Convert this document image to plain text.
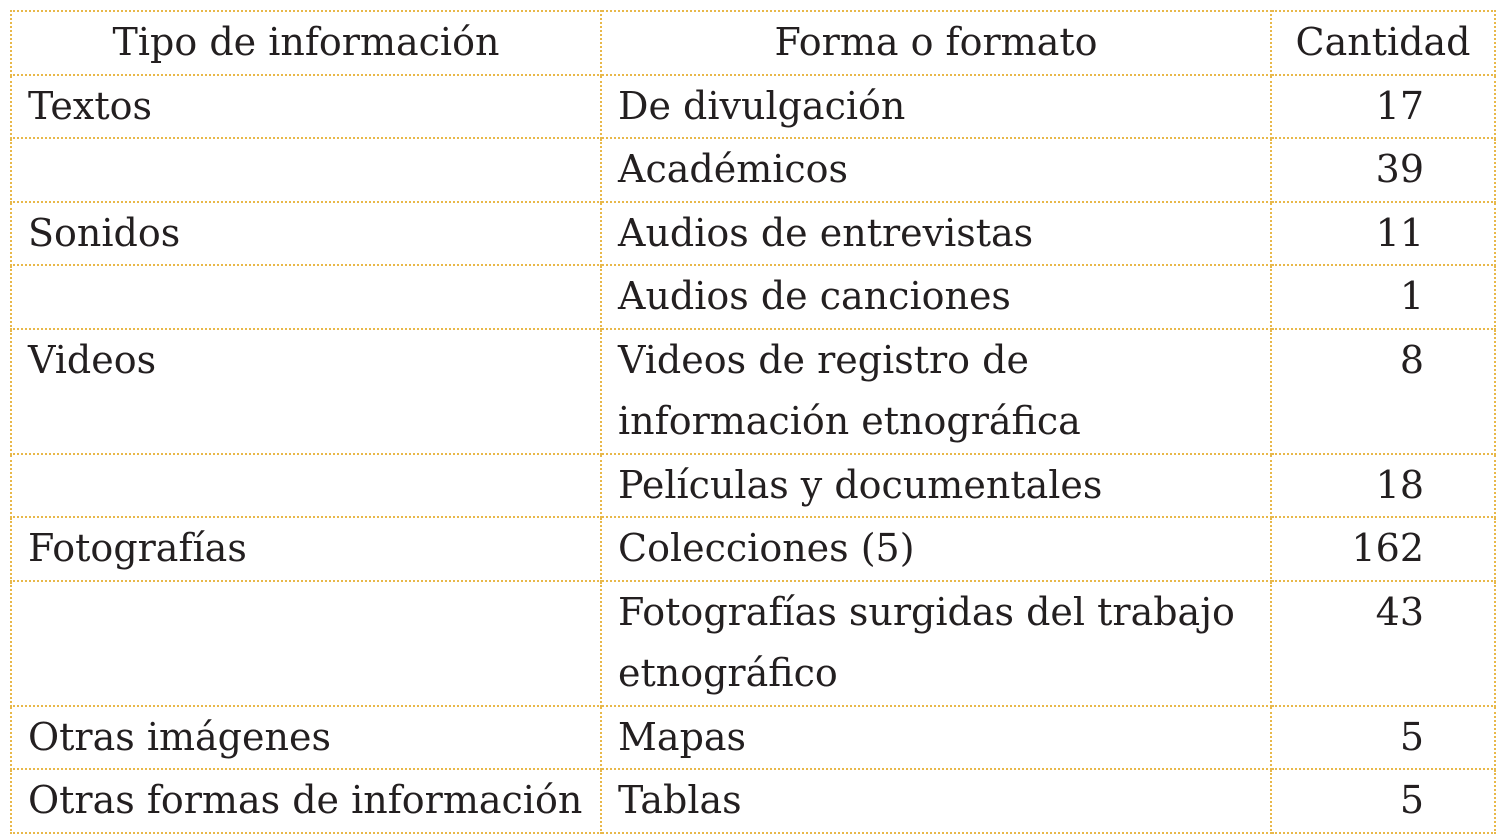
Tipo de información	Forma o formato	Cantidad
Textos	De divulgación	17
	Académicos	39
Sonidos	Audios de entrevistas	11
	Audios de canciones	1
Videos	Videos de registro de información etnográfica	8
	Películas y documentales	18
Fotografías	Colecciones (5)	162
	Fotografías surgidas del trabajo etnográfico	43
Otras imágenes	Mapas	5
Otras formas de información	Tablas	5
